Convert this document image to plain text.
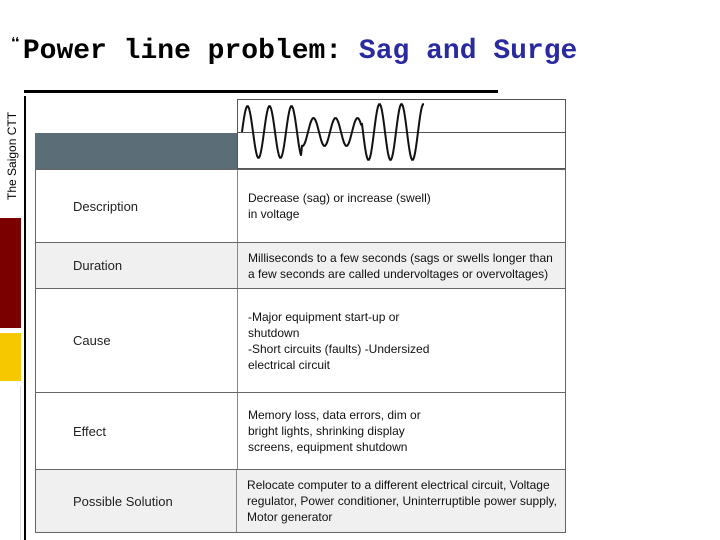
The Saigon CTT
❝Power line problem: Sag and Surge
Description
Decrease (sag) or increase (swell)
in voltage
Duration
Milliseconds to a few seconds (sags or swells longer than
a few seconds are called undervoltages or overvoltages)
Cause
-Major equipment start-up or
shutdown
-Short circuits (faults) -Undersized
electrical circuit
Effect
Memory loss, data errors, dim or
bright lights, shrinking display
screens, equipment shutdown
Possible Solution
Relocate computer to a different electrical circuit, Voltage
regulator, Power conditioner, Uninterruptible power supply,
Motor generator
